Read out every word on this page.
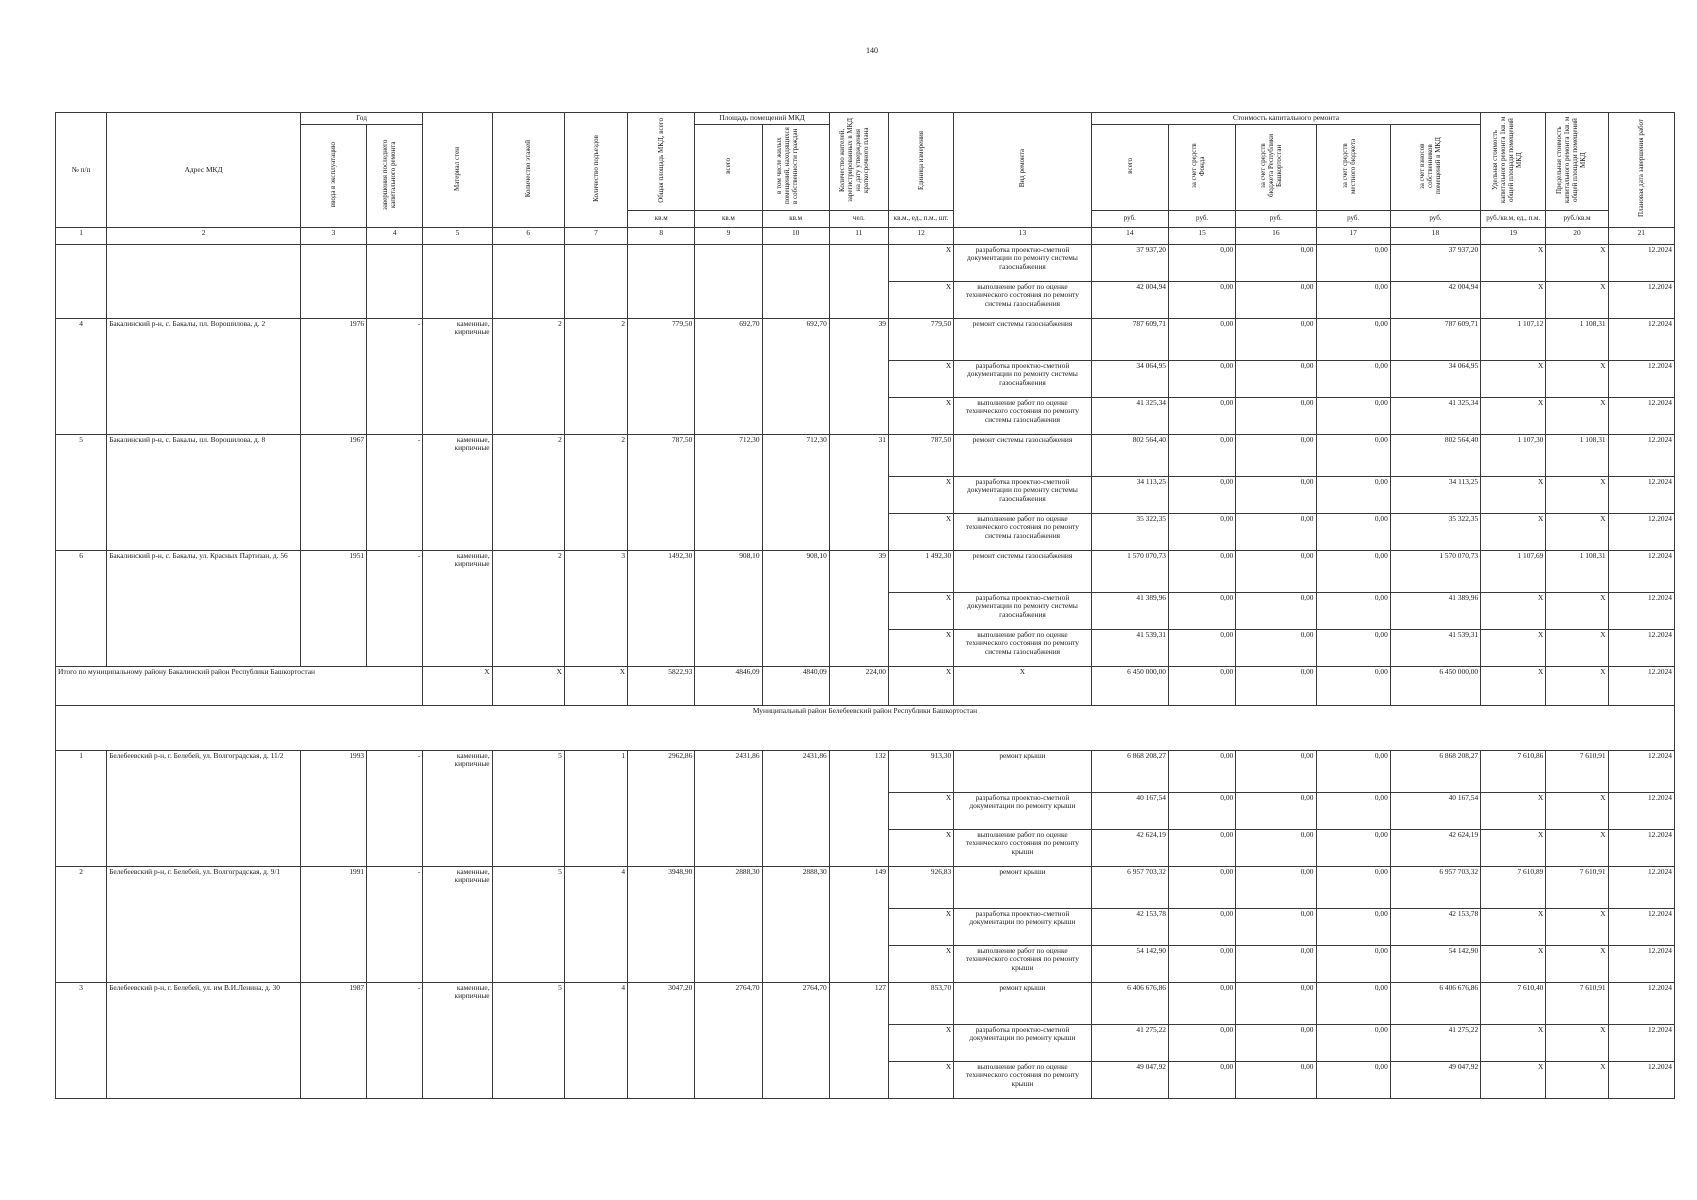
140
№ п/п	Адрес МКД	Год		Материал стен	Количество этажей	Количество подъездов	Общая площадь МКД, всего	Площадь помещений МКД		Количество жителей, зарегистрированных в МКД на дату утверждения краткосрочного плана	Единица измерения	Вид ремонта	Стоимость капитального ремонта					Удельная стоимость капитального ремонта 1кв. м общей площади помещений МКД	Предельная стоимость капитального ремонта 1кв. м общей площади помещений МКД	Плановая дата завершения работ
		ввода в эксплуатацию	завершения последнего капитального ремонта					всего	в том числе жилых помещений, находящихся в собственности граждан				всего	за счет средств Фонда	за счет средств бюджета Республики Башкортостан	за счет средств местного бюджета	за счет взносов собственников помещений в МКД			
							кв.м	кв.м	кв.м	чел.	кв.м., ед., п.м., шт.		руб.	руб.	руб.	руб.	руб.	руб./кв.м, ед., п.м.	руб./кв.м	
1	2	3	4	5	6	7	8	9	10	11	12	13	14	15	16	17	18	19	20	21
											X	разработка проектно-сметной документации по ремонту системы газоснабжения	37 937,20	0,00	0,00	0,00	37 937,20	X	X	12.2024
											X	выполнение работ по оценке технического состояния по ремонту системы газоснабжения	42 004,94	0,00	0,00	0,00	42 004,94	X	X	12.2024
4	Бакалинский р-н, с. Бакалы, пл. Ворошилова, д. 2	1976	-	каменные, кирпичные	2	2	779,50	692,70	692,70	39	779,50	ремонт системы газоснабжения	787 609,71	0,00	0,00	0,00	787 609,71	1 107,12	1 108,31	12.2024
											X	разработка проектно-сметной документации по ремонту системы газоснабжения	34 064,95	0,00	0,00	0,00	34 064,95	X	X	12.2024
											X	выполнение работ по оценке технического состояния по ремонту системы газоснабжения	41 325,34	0,00	0,00	0,00	41 325,34	X	X	12.2024
5	Бакалинский р-н, с. Бакалы, пл. Ворошилова, д. 8	1967	-	каменные, кирпичные	2	2	787,50	712,30	712,30	31	787,50	ремонт системы газоснабжения	802 564,40	0,00	0,00	0,00	802 564,40	1 107,30	1 108,31	12.2024
											X	разработка проектно-сметной документации по ремонту системы газоснабжения	34 113,25	0,00	0,00	0,00	34 113,25	X	X	12.2024
											X	выполнение работ по оценке технического состояния по ремонту системы газоснабжения	35 322,35	0,00	0,00	0,00	35 322,35	X	X	12.2024
6	Бакалинский р-н, с. Бакалы, ул. Красных Партизан, д. 56	1951	-	каменные, кирпичные	2	3	1492,30	908,10	908,10	39	1 492,30	ремонт системы газоснабжения	1 570 070,73	0,00	0,00	0,00	1 570 070,73	1 107,69	1 108,31	12.2024
											X	разработка проектно-сметной документации по ремонту системы газоснабжения	41 389,96	0,00	0,00	0,00	41 389,96	X	X	12.2024
											X	выполнение работ по оценке технического состояния по ремонту системы газоснабжения	41 539,31	0,00	0,00	0,00	41 539,31	X	X	12.2024
Итого по муниципальному району Бакалинский район Республики Башкортостан				X	X	X	5822,93	4846,09	4840,09	224,00	X	X	6 450 000,00	0,00	0,00	0,00	6 450 000,00	X	X	12.2024
Муниципальный район Белебеевский район Республики Башкортостан																				
1	Белебеевский р-н, г. Белебей, ул. Волгоградская, д. 11/2	1993	-	каменные, кирпичные	5	1	2962,86	2431,86	2431,86	132	913,30	ремонт крыши	6 868 208,27	0,00	0,00	0,00	6 868 208,27	7 610,86	7 610,91	12.2024
											X	разработка проектно-сметной документации по ремонту крыши	40 167,54	0,00	0,00	0,00	40 167,54	X	X	12.2024
											X	выполнение работ по оценке технического состояния по ремонту крыши	42 624,19	0,00	0,00	0,00	42 624,19	X	X	12.2024
2	Белебеевский р-н, г. Белебей, ул. Волгоградская, д. 9/1	1991	-	каменные, кирпичные	5	4	3948,90	2888,30	2888,30	149	926,83	ремонт крыши	6 957 703,32	0,00	0,00	0,00	6 957 703,32	7 610,89	7 610,91	12.2024
											X	разработка проектно-сметной документации по ремонту крыши	42 153,78	0,00	0,00	0,00	42 153,78	X	X	12.2024
											X	выполнение работ по оценке технического состояния по ремонту крыши	54 142,90	0,00	0,00	0,00	54 142,90	X	X	12.2024
3	Белебеевский р-н, г. Белебей, ул. им В.И.Ленина, д. 30	1987	-	каменные, кирпичные	5	4	3047,20	2764,70	2764,70	127	853,70	ремонт крыши	6 406 676,86	0,00	0,00	0,00	6 406 676,86	7 610,40	7 610,91	12.2024
											X	разработка проектно-сметной документации по ремонту крыши	41 275,22	0,00	0,00	0,00	41 275,22	X	X	12.2024
											X	выполнение работ по оценке технического состояния по ремонту крыши	49 047,92	0,00	0,00	0,00	49 047,92	X	X	12.2024
